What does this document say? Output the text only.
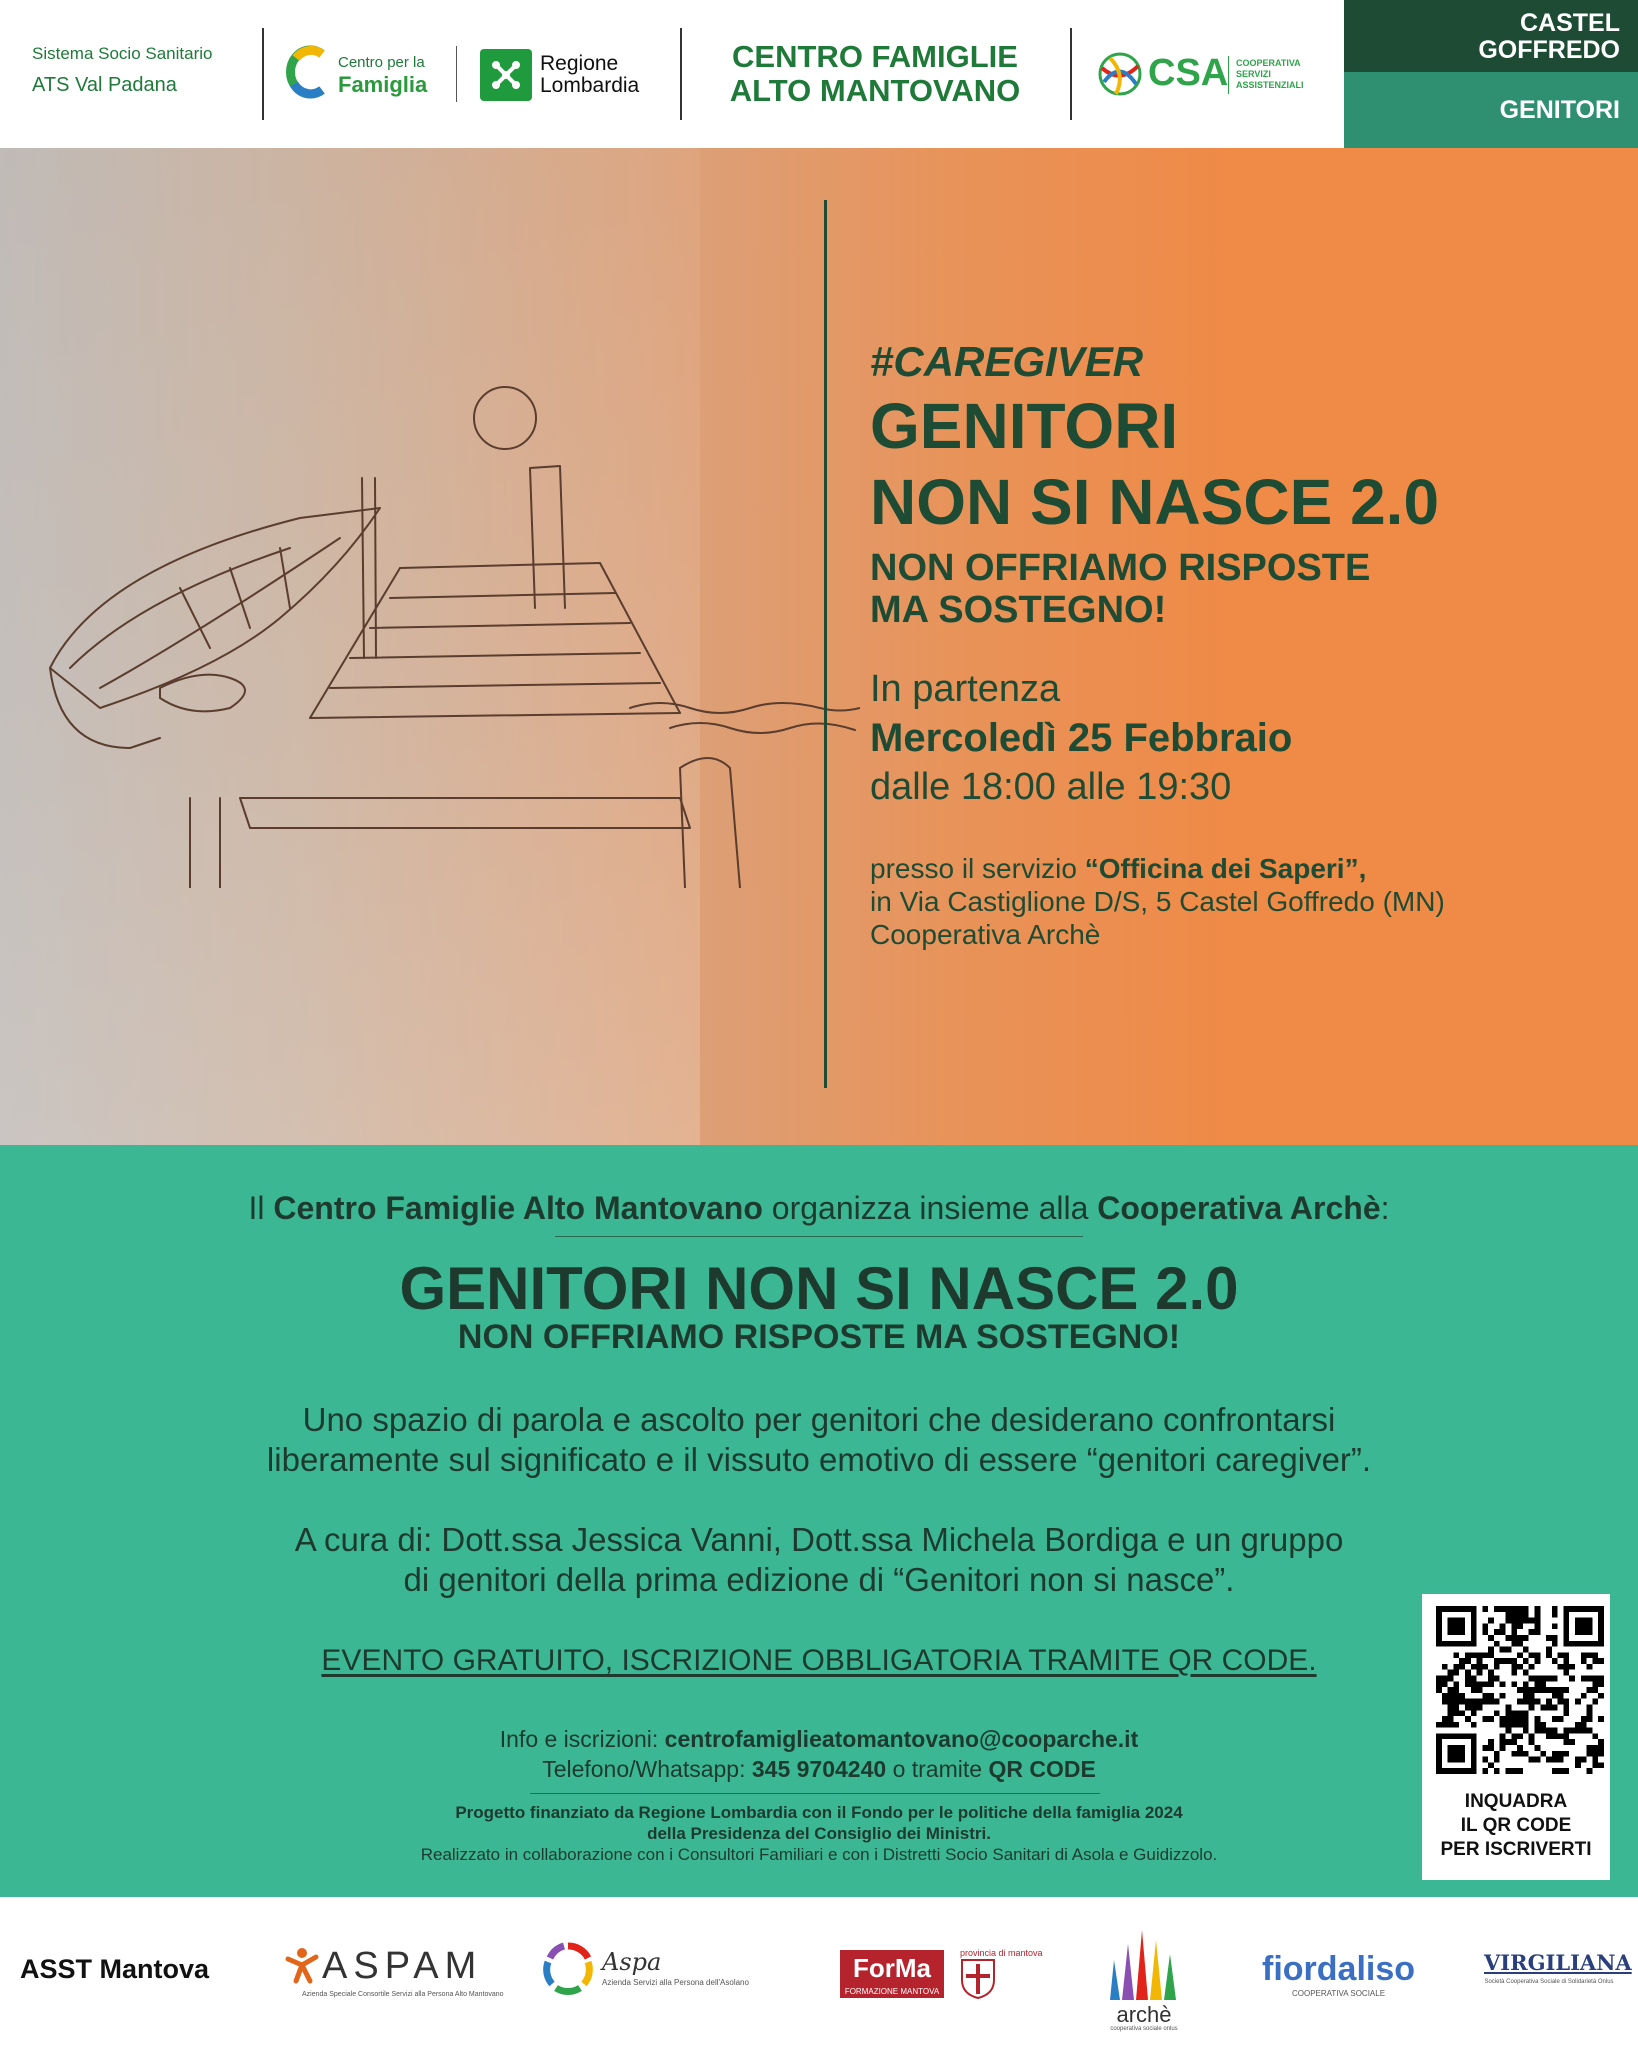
Sistema Socio Sanitario
ATS Val Padana
Centro per la
Famiglia
Regione
Lombardia
CENTRO FAMIGLIE
ALTO MANTOVANO	CSA COOPERATIVA
SERVIZI
ASSISTENZIALI
CASTEL
GOFFREDO
GENITORI
#CAREGIVER
GENITORI
NON SI NASCE 2.0
NON OFFRIAMO RISPOSTE
MA SOSTEGNO!
In partenza
Mercoledì 25 Febbraio
dalle 18:00 alle 19:30
presso il servizio “Officina dei Saperi”,
in Via Castiglione D/S, 5 Castel Goffredo (MN)
Cooperativa Archè
Il Centro Famiglie Alto Mantovano organizza insieme alla Cooperativa Archè:
GENITORI NON SI NASCE 2.0
NON OFFRIAMO RISPOSTE MA SOSTEGNO!
Uno spazio di parola e ascolto per genitori che desiderano confrontarsi
liberamente sul significato e il vissuto emotivo di essere “genitori caregiver”.
A cura di: Dott.ssa Jessica Vanni, Dott.ssa Michela Bordiga e un gruppo
di genitori della prima edizione di “Genitori non si nasce”.
EVENTO GRATUITO, ISCRIZIONE OBBLIGATORIA TRAMITE QR CODE.
Info e iscrizioni: centrofamiglieatomantovano@cooparche.it
Telefono/Whatsapp: 345 9704240 o tramite QR CODE
Progetto finanziato da Regione Lombardia con il Fondo per le politiche della famiglia 2024
della Presidenza del Consiglio dei Ministri.
Realizzato in collaborazione con i Consultori Familiari e con i Distretti Socio Sanitari di Asola e Guidizzolo.
INQUADRA
IL QR CODE
PER ISCRIVERTI
ASST Mantova	ASPAM
Azienda Speciale Consortile Servizi alla Persona Alto Mantovano
Aspa
Azienda Servizi alla Persona dell'Asolano	ForMa
FORMAZIONE MANTOVA
provincia di mantova
archè
cooperativa sociale onlus
fiordaliso
COOPERATIVA SOCIALE
VIRGILIANA
Società Cooperativa Sociale di Solidarietà Onlus
